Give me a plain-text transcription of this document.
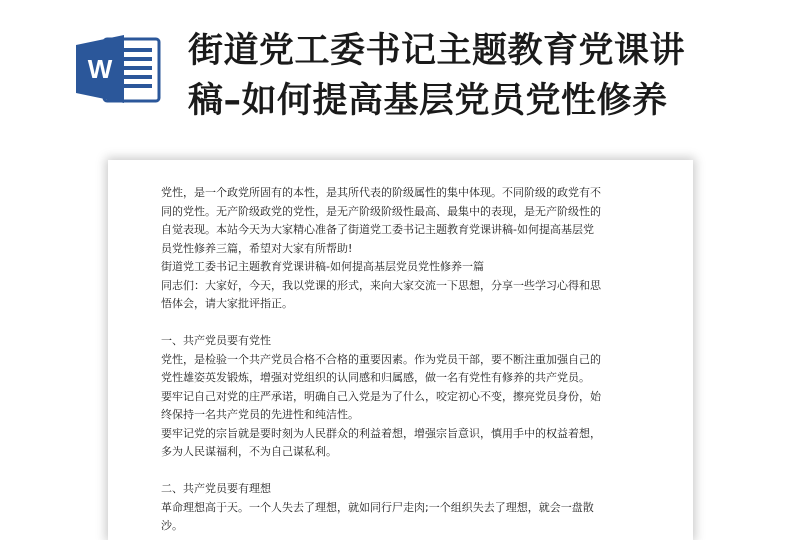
W 街道党工委书记主题教育党课讲
稿–如何提高基层党员党性修养
党性，是一个政党所固有的本性，是其所代表的阶级属性的集中体现。不同阶级的政党有不
同的党性。无产阶级政党的党性，是无产阶级阶级性最高、最集中的表现，是无产阶级性的
自觉表现。本站今天为大家精心准备了街道党工委书记主题教育党课讲稿-如何提高基层党
员党性修养三篇，希望对大家有所帮助!
街道党工委书记主题教育党课讲稿-如何提高基层党员党性修养一篇
同志们：大家好，今天，我以党课的形式，来向大家交流一下思想，分享一些学习心得和思
悟体会，请大家批评指正。
一、共产党员要有党性
党性，是检验一个共产党员合格不合格的重要因素。作为党员干部，要不断注重加强自己的
党性雄姿英发锻炼，增强对党组织的认同感和归属感，做一名有党性有修养的共产党员。
要牢记自己对党的庄严承诺，明确自己入党是为了什么，咬定初心不变，擦亮党员身份，始
终保持一名共产党员的先进性和纯洁性。
要牢记党的宗旨就是要时刻为人民群众的利益着想，增强宗旨意识，慎用手中的权益着想，
多为人民谋福利，不为自己谋私利。
二、共产党员要有理想
革命理想高于天。一个人失去了理想，就如同行尸走肉;一个组织失去了理想，就会一盘散
沙。
